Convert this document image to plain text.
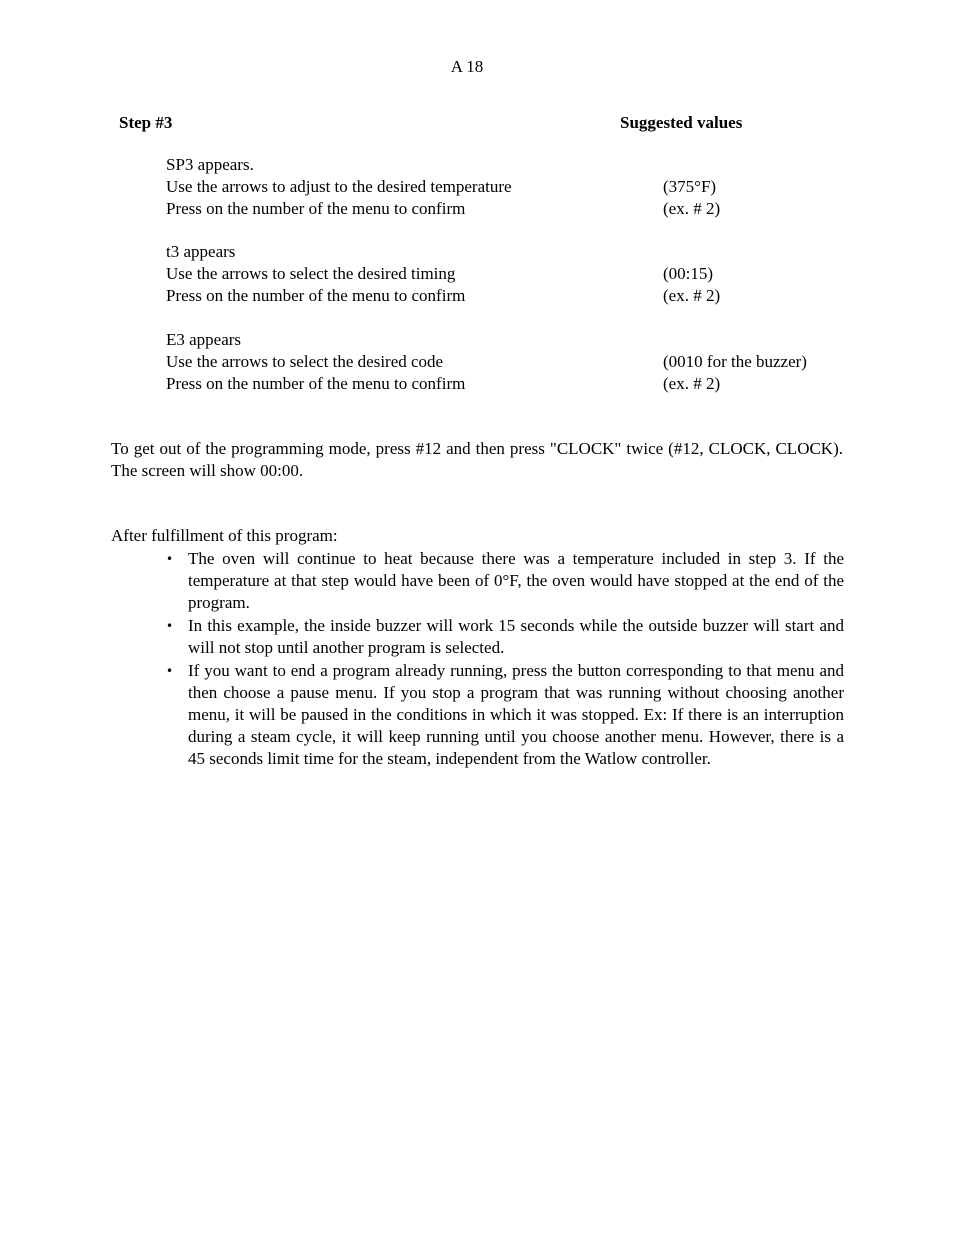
A 18
Step #3	Suggested values
SP3 appears.
Use the arrows to adjust to the desired temperature	(375°F)
Press on the number of the menu to confirm	(ex. # 2)
t3 appears
Use the arrows to select the desired timing	(00:15)
Press on the number of the menu to confirm	(ex. # 2)
E3 appears
Use the arrows to select the desired code	(0010 for the buzzer)
Press on the number of the menu to confirm	(ex. # 2)
To get out of the programming mode, press #12 and then press "CLOCK" twice (#12, CLOCK, CLOCK). The screen will show 00:00.
After fulfillment of this program:
• The oven will continue to heat because there was a temperature included in step 3. If the temperature at that step would have been of 0°F, the oven would have stopped at the end of the program.
• In this example, the inside buzzer will work 15 seconds while the outside buzzer will start and will not stop until another program is selected.
• If you want to end a program already running, press the button corresponding to that menu and then choose a pause menu. If you stop a program that was running without choosing another menu, it will be paused in the conditions in which it was stopped. Ex: If there is an interruption during a steam cycle, it will keep running until you choose another menu. However, there is a 45 seconds limit time for the steam, independent from the Watlow controller.
